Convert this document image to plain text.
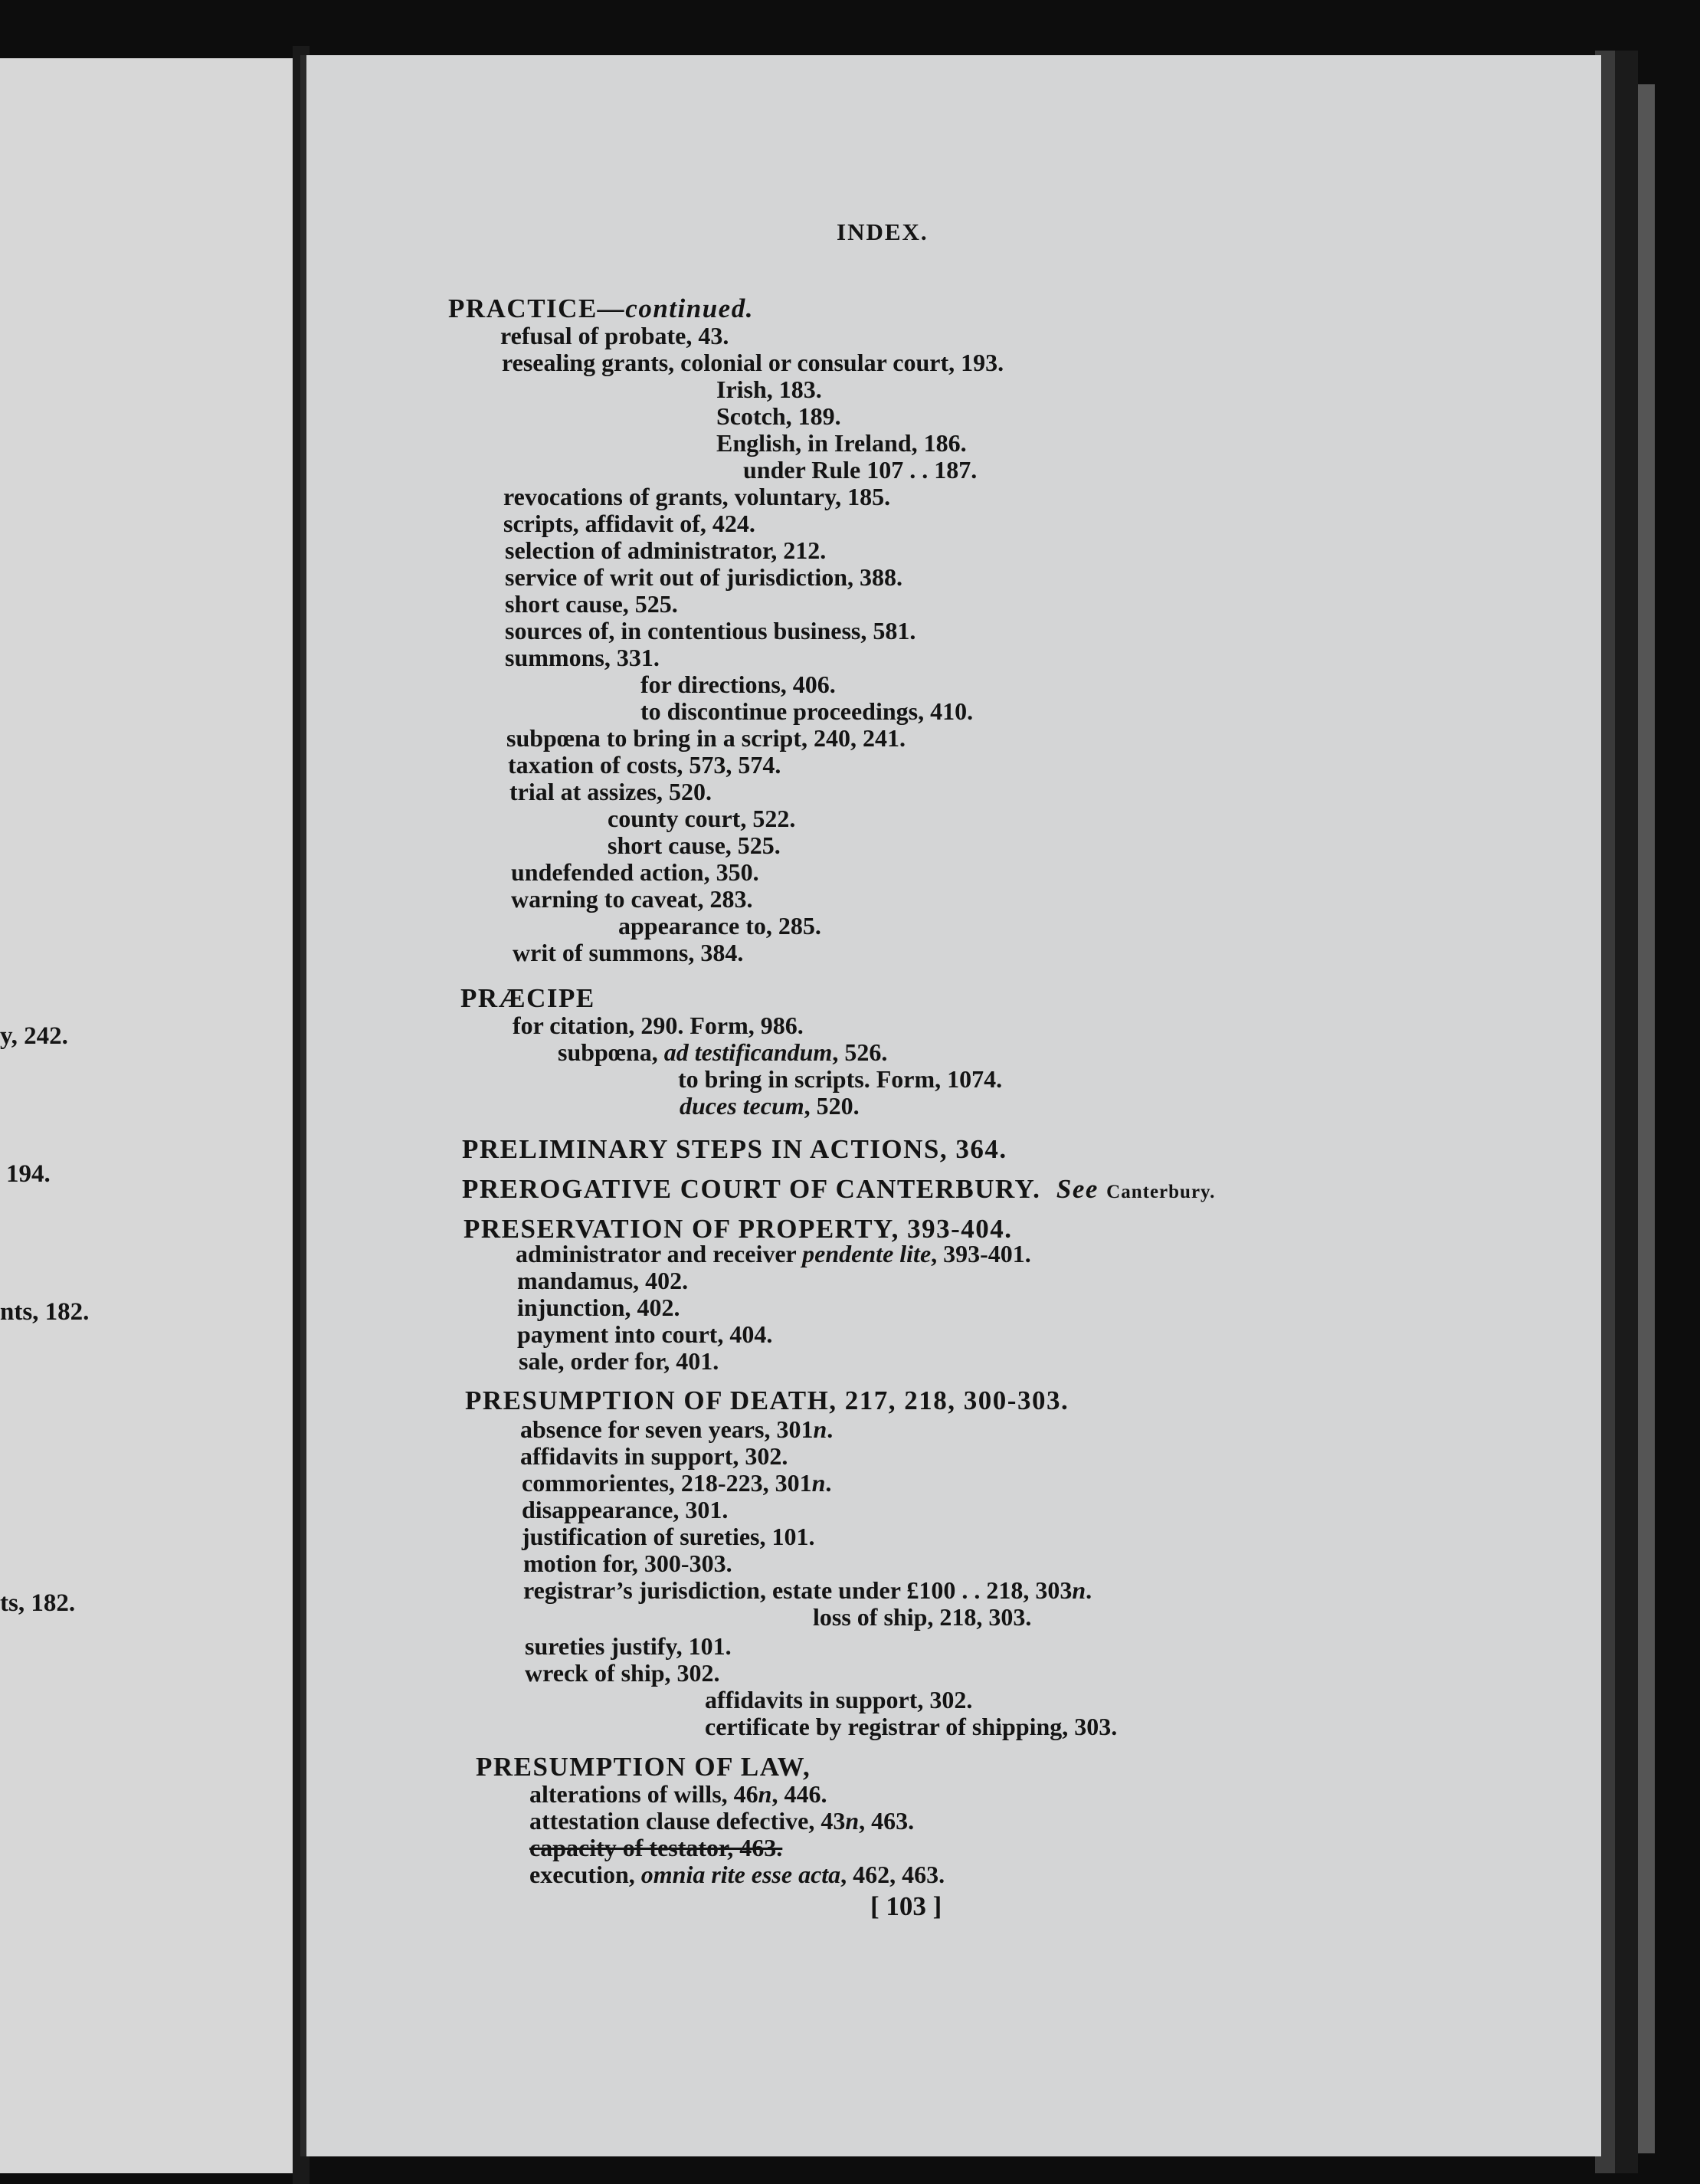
y, 242.
194.
nts, 182.
ts, 182.
INDEX.
PRACTICE—continued.
refusal of probate, 43.
resealing grants, colonial or consular court, 193.
Irish, 183.
Scotch, 189.
English, in Ireland, 186.
under Rule 107 . . 187.
revocations of grants, voluntary, 185.
scripts, affidavit of, 424.
selection of administrator, 212.
service of writ out of jurisdiction, 388.
short cause, 525.
sources of, in contentious business, 581.
summons, 331.
for directions, 406.
to discontinue proceedings, 410.
subpœna to bring in a script, 240, 241.
taxation of costs, 573, 574.
trial at assizes, 520.
county court, 522.
short cause, 525.
undefended action, 350.
warning to caveat, 283.
appearance to, 285.
writ of summons, 384.
PRÆCIPE
for citation, 290. Form, 986.
subpœna, ad testificandum, 526.
to bring in scripts. Form, 1074.
duces tecum, 520.
PRELIMINARY STEPS IN ACTIONS, 364.
PREROGATIVE COURT OF CANTERBURY. See Canterbury.
PRESERVATION OF PROPERTY, 393-404.
administrator and receiver pendente lite, 393-401.
mandamus, 402.
injunction, 402.
payment into court, 404.
sale, order for, 401.
PRESUMPTION OF DEATH, 217, 218, 300-303.
absence for seven years, 301n.
affidavits in support, 302.
commorientes, 218-223, 301n.
disappearance, 301.
justification of sureties, 101.
motion for, 300-303.
registrar’s jurisdiction, estate under £100 . . 218, 303n.
loss of ship, 218, 303.
sureties justify, 101.
wreck of ship, 302.
affidavits in support, 302.
certificate by registrar of shipping, 303.
PRESUMPTION OF LAW,
alterations of wills, 46n, 446.
attestation clause defective, 43n, 463.
capacity of testator, 463.
execution, omnia rite esse acta, 462, 463.
[ 103 ]
